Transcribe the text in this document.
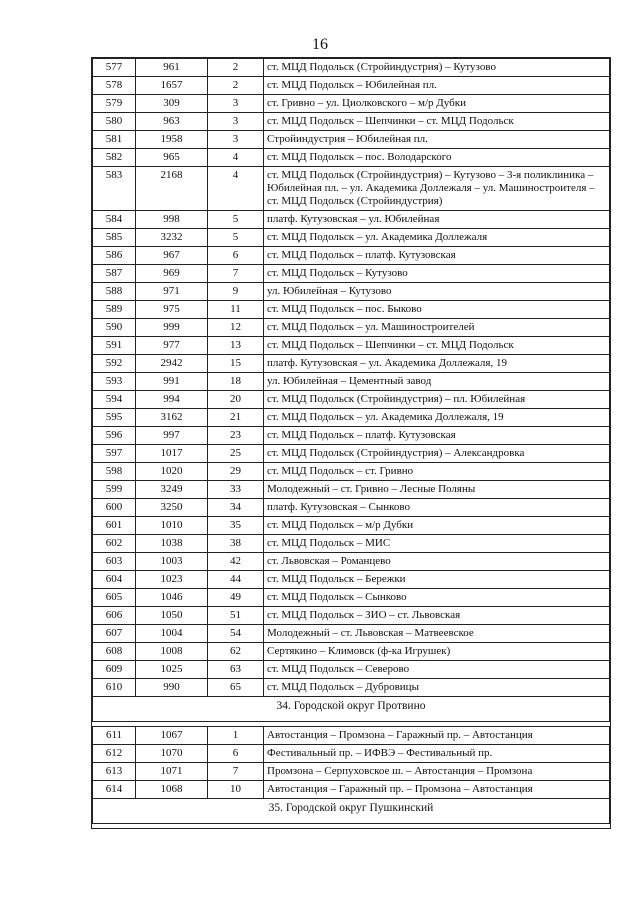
16
577	961	2	ст. МЦД Подольск (Стройиндустрия) – Кутузово
578	1657	2	ст. МЦД Подольск – Юбилейная пл.
579	309	3	ст. Гривно – ул. Циолковского – м/р Дубки
580	963	3	ст. МЦД Подольск – Шепчинки – ст. МЦД Подольск
581	1958	3	Стройиндустрия – Юбилейная пл.
582	965	4	ст. МЦД Подольск – пос. Володарского
583	2168	4	ст. МЦД Подольск (Стройиндустрия) – Кутузово – 3-я поликлиника – Юбилейная пл. – ул. Академика Доллежаля – ул. Машиностроителя – ст. МЦД Подольск (Стройиндустрия)
584	998	5	платф. Кутузовская – ул. Юбилейная
585	3232	5	ст. МЦД Подольск – ул. Академика Доллежаля
586	967	6	ст. МЦД Подольск – платф. Кутузовская
587	969	7	ст. МЦД Подольск – Кутузово
588	971	9	ул. Юбилейная – Кутузово
589	975	11	ст. МЦД Подольск – пос. Быково
590	999	12	ст. МЦД Подольск – ул. Машиностроителей
591	977	13	ст. МЦД Подольск – Шепчинки – ст. МЦД Подольск
592	2942	15	платф. Кутузовская – ул. Академика Доллежаля, 19
593	991	18	ул. Юбилейная – Цементный завод
594	994	20	ст. МЦД Подольск (Стройиндустрия) – пл. Юбилейная
595	3162	21	ст. МЦД Подольск – ул. Академика Доллежаля, 19
596	997	23	ст. МЦД Подольск – платф. Кутузовская
597	1017	25	ст. МЦД Подольск (Стройиндустрия) – Александровка
598	1020	29	ст. МЦД Подольск – ст. Гривно
599	3249	33	Молодежный – ст. Гривно – Лесные Поляны
600	3250	34	платф. Кутузовская – Сынково
601	1010	35	ст. МЦД Подольск – м/р Дубки
602	1038	38	ст. МЦД Подольск – МИС
603	1003	42	ст. Львовская – Романцево
604	1023	44	ст. МЦД Подольск – Бережки
605	1046	49	ст. МЦД Подольск – Сынково
606	1050	51	ст. МЦД Подольск – ЗИО – ст. Львовская
607	1004	54	Молодежный – ст. Львовская – Матвеевское
608	1008	62	Сертякино – Климовск (ф-ка Игрушек)
609	1025	63	ст. МЦД Подольск – Северово
610	990	65	ст. МЦД Подольск – Дубровицы
34. Городской округ Протвино			

611	1067	1	Автостанция – Промзона – Гаражный пр. – Автостанция
612	1070	6	Фестивальный пр. – ИФВЭ – Фестивальный пр.
613	1071	7	Промзона – Серпуховское ш. – Автостанция – Промзона
614	1068	10	Автостанция – Гаражный пр. – Промзона – Автостанция
35. Городской округ Пушкинский			
